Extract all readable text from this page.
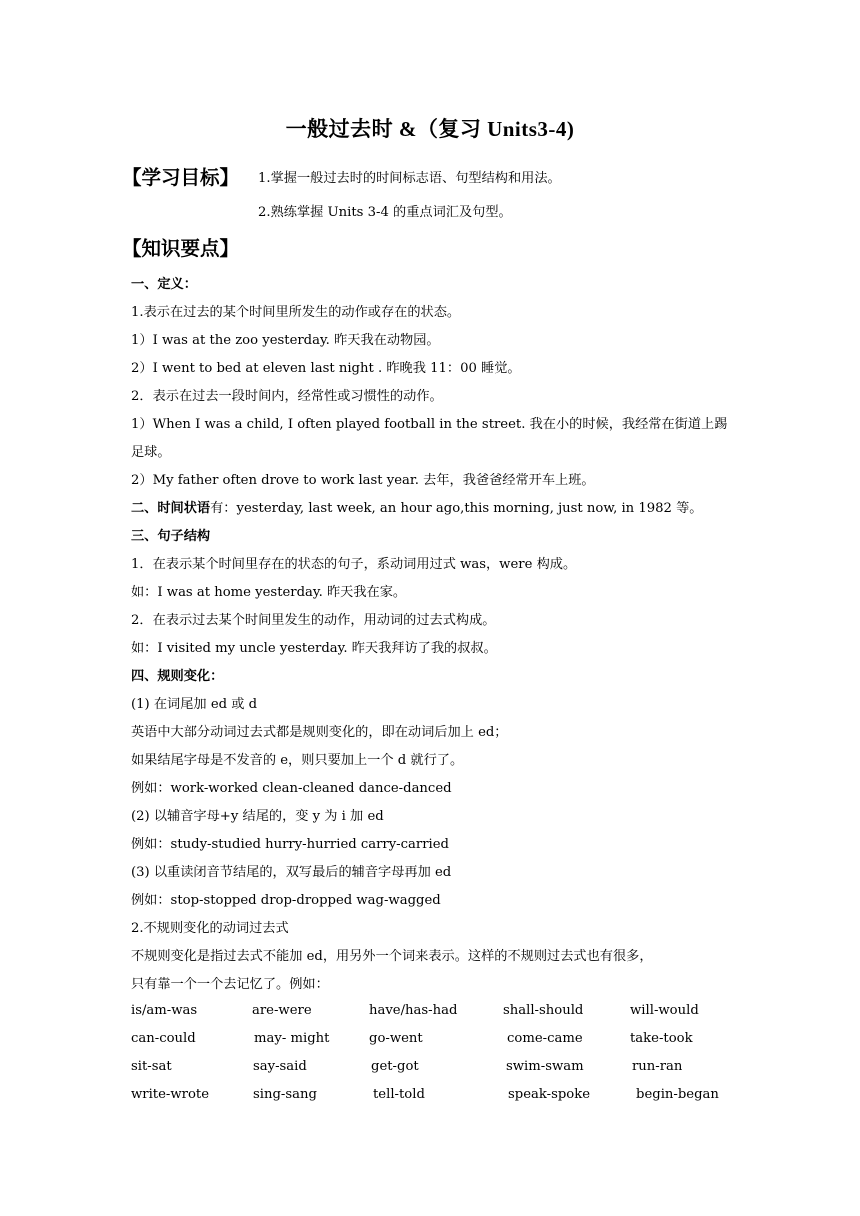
一般过去时 &（复习 Units3-4)
【学习目标】 1.掌握一般过去时的时间标志语、句型结构和用法。
2.熟练掌握 Units 3-4 的重点词汇及句型。
【知识要点】
一、定义：
1.表示在过去的某个时间里所发生的动作或存在的状态。
1）I was at the zoo yesterday. 昨天我在动物园。
2）I went to bed at eleven last night . 昨晚我 11：00 睡觉。
2．表示在过去一段时间内，经常性或习惯性的动作。
1）When I was a child, I often played football in the street. 我在小的时候，我经常在街道上踢
足球。
2）My father often drove to work last year. 去年，我爸爸经常开车上班。
二、时间状语有：yesterday, last week, an hour ago,this morning, just now, in 1982 等。
三、句子结构
1．在表示某个时间里存在的状态的句子，系动词用过式 was，were 构成。
如：I was at home yesterday. 昨天我在家。
2．在表示过去某个时间里发生的动作，用动词的过去式构成。
如：I visited my uncle yesterday. 昨天我拜访了我的叔叔。
四、规则变化：
(1) 在词尾加 ed 或 d
英语中大部分动词过去式都是规则变化的，即在动词后加上 ed；
如果结尾字母是不发音的 e，则只要加上一个 d 就行了。
例如：work-worked clean-cleaned dance-danced
(2) 以辅音字母+y 结尾的，变 y 为 i 加 ed
例如：study-studied hurry-hurried carry-carried
(3) 以重读闭音节结尾的，双写最后的辅音字母再加 ed
例如：stop-stopped drop-dropped wag-wagged
2.不规则变化的动词过去式
不规则变化是指过去式不能加 ed，用另外一个词来表示。这样的不规则过去式也有很多，
只有靠一个一个去记忆了。例如：
is/am-was	are-were	have/has-had	shall-should	will-would
can-could	may- might	go-went	come-came	take-took
sit-sat	say-said	get-got	swim-swam	run-ran
write-wrote	sing-sang	tell-told	speak-spoke	begin-began
